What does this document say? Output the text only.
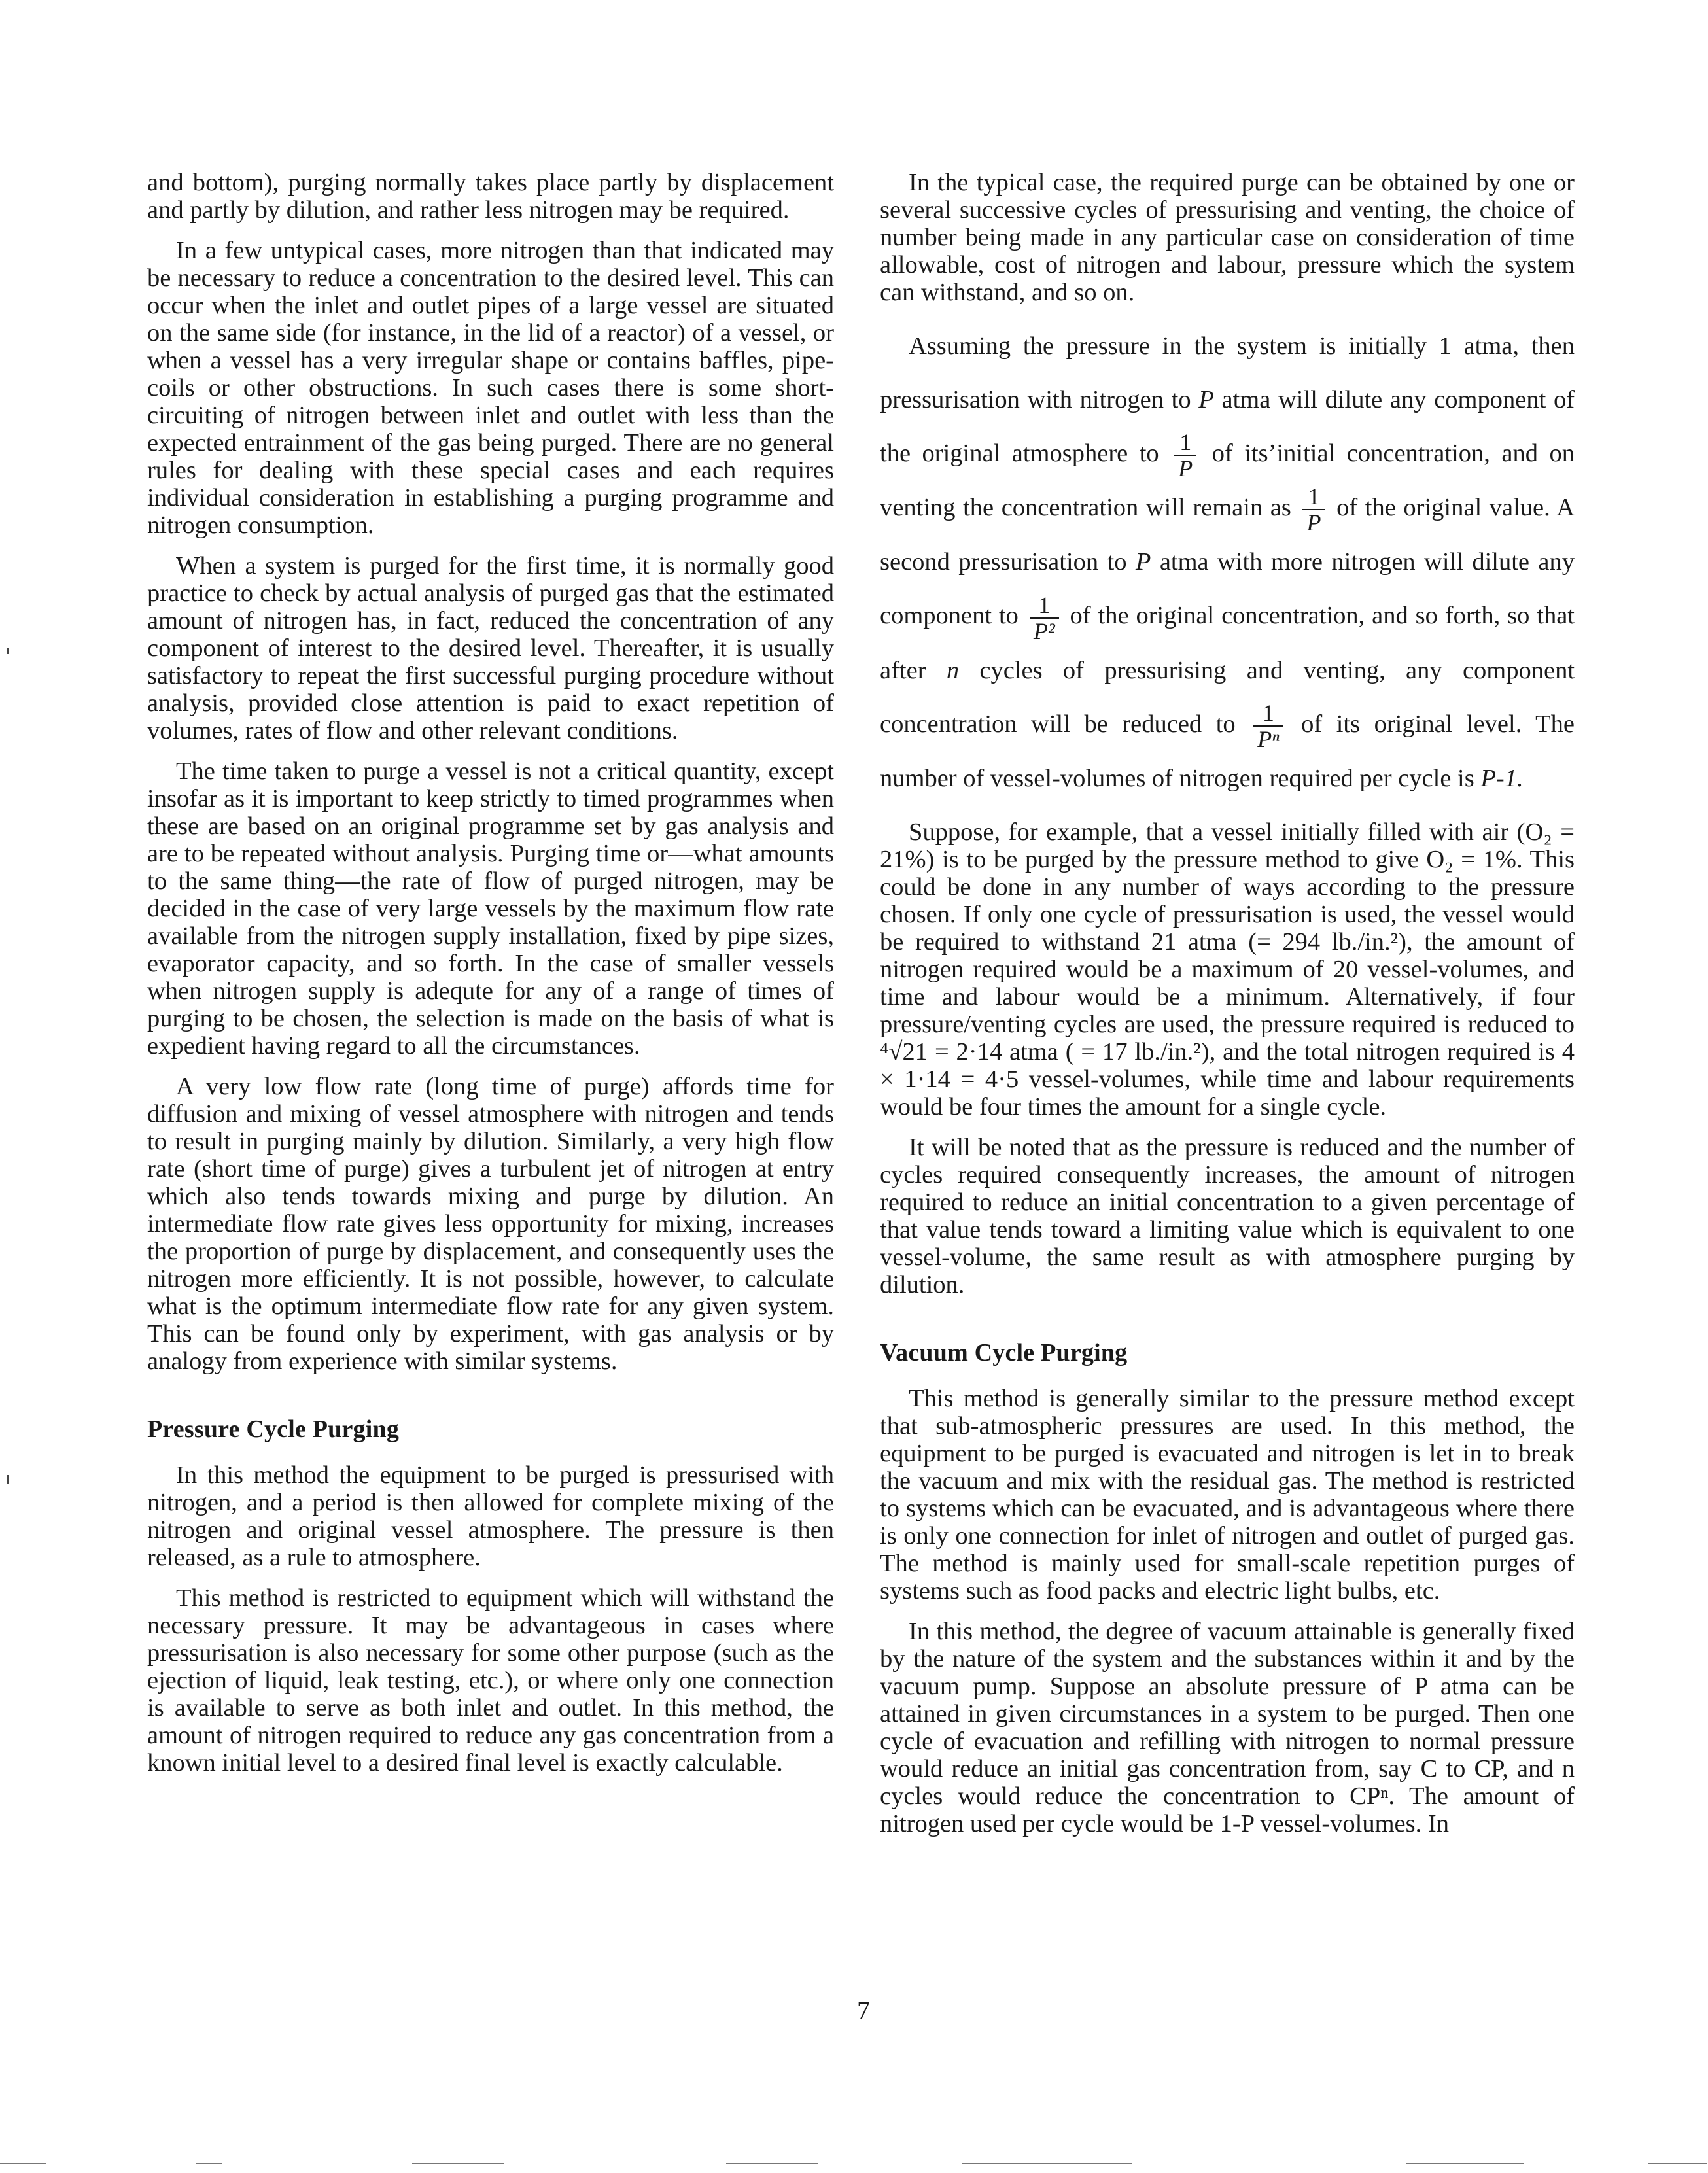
and bottom), purging normally takes place partly by displacement and partly by dilution, and rather less nitrogen may be required.

In a few untypical cases, more nitrogen than that indicated may be necessary to reduce a concentration to the desired level. This can occur when the inlet and outlet pipes of a large vessel are situated on the same side (for instance, in the lid of a reactor) of a vessel, or when a vessel has a very irregular shape or contains baffles, pipe-coils or other obstructions. In such cases there is some short-circuiting of nitrogen between inlet and outlet with less than the expected entrainment of the gas being purged. There are no general rules for dealing with these special cases and each requires individual consideration in establishing a purging programme and nitrogen consumption.

When a system is purged for the first time, it is normally good practice to check by actual analysis of purged gas that the estimated amount of nitrogen has, in fact, reduced the concentration of any component of interest to the desired level. Thereafter, it is usually satisfactory to repeat the first successful purging procedure without analysis, provided close attention is paid to exact repetition of volumes, rates of flow and other relevant conditions.

The time taken to purge a vessel is not a critical quantity, except insofar as it is important to keep strictly to timed programmes when these are based on an original programme set by gas analysis and are to be repeated without analysis. Purging time or—what amounts to the same thing—the rate of flow of purged nitrogen, may be decided in the case of very large vessels by the maximum flow rate available from the nitrogen supply installation, fixed by pipe sizes, evaporator capacity, and so forth. In the case of smaller vessels when nitrogen supply is adequte for any of a range of times of purging to be chosen, the selection is made on the basis of what is expedient having regard to all the circumstances.

A very low flow rate (long time of purge) affords time for diffusion and mixing of vessel atmosphere with nitrogen and tends to result in purging mainly by dilution. Similarly, a very high flow rate (short time of purge) gives a turbulent jet of nitrogen at entry which also tends towards mixing and purge by dilution. An intermediate flow rate gives less opportunity for mixing, increases the proportion of purge by displacement, and consequently uses the nitrogen more efficiently. It is not possible, however, to calculate what is the optimum intermediate flow rate for any given system. This can be found only by experiment, with gas analysis or by analogy from experience with similar systems.

Pressure Cycle Purging

In this method the equipment to be purged is pressurised with nitrogen, and a period is then allowed for complete mixing of the nitrogen and original vessel atmosphere. The pressure is then released, as a rule to atmosphere.

This method is restricted to equipment which will withstand the necessary pressure. It may be advantageous in cases where pressurisation is also necessary for some other purpose (such as the ejection of liquid, leak testing, etc.), or where only one connection is available to serve as both inlet and outlet. In this method, the amount of nitrogen required to reduce any gas concentration from a known initial level to a desired final level is exactly calculable.

In the typical case, the required purge can be obtained by one or several successive cycles of pressurising and venting, the choice of number being made in any particular case on consideration of time allowable, cost of nitrogen and labour, pressure which the system can withstand, and so on.

Assuming the pressure in the system is initially 1 atma, then pressurisation with nitrogen to P atma will dilute any component of the original atmosphere to $\frac{1}{P}$ of its’initial concentration, and on venting the concentration will remain as $\frac{1}{P}$ of the original value. A second pressurisation to P atma with more nitrogen will dilute any component to $\frac{1}{\text{P²}}$ of the original concentration, and so forth, so that after n cycles of pressurising and venting, any component concentration will be reduced to $\frac{1}{\text{Pⁿ}}$ of its original level. The number of vessel-volumes of nitrogen required per cycle is P-1.

Suppose, for example, that a vessel initially filled with air (O₂ = 21%) is to be purged by the pressure method to give O₂ = 1%. This could be done in any number of ways according to the pressure chosen. If only one cycle of pressurisation is used, the vessel would be required to withstand 21 atma (= 294 lb./in.²), the amount of nitrogen required would be a maximum of 20 vessel-volumes, and time and labour would be a minimum. Alternatively, if four pressure/venting cycles are used, the pressure required is reduced to ⁴√21 = 2·14 atma ( = 17 lb./in.²), and the total nitrogen required is 4 × 1·14 = 4·5 vessel-volumes, while time and labour requirements would be four times the amount for a single cycle.

It will be noted that as the pressure is reduced and the number of cycles required consequently increases, the amount of nitrogen required to reduce an initial concentration to a given percentage of that value tends toward a limiting value which is equivalent to one vessel-volume, the same result as with atmosphere purging by dilution.

Vacuum Cycle Purging

This method is generally similar to the pressure method except that sub-atmospheric pressures are used. In this method, the equipment to be purged is evacuated and nitrogen is let in to break the vacuum and mix with the residual gas. The method is restricted to systems which can be evacuated, and is advantageous where there is only one connection for inlet of nitrogen and outlet of purged gas. The method is mainly used for small-scale repetition purges of systems such as food packs and electric light bulbs, etc.

In this method, the degree of vacuum attainable is generally fixed by the nature of the system and the substances within it and by the vacuum pump. Suppose an absolute pressure of P atma can be attained in given circumstances in a system to be purged. Then one cycle of evacuation and refilling with nitrogen to normal pressure would reduce an initial gas concentration from, say C to CP, and n cycles would reduce the concentration to CPⁿ. The amount of nitrogen used per cycle would be 1-P vessel-volumes. In

7
